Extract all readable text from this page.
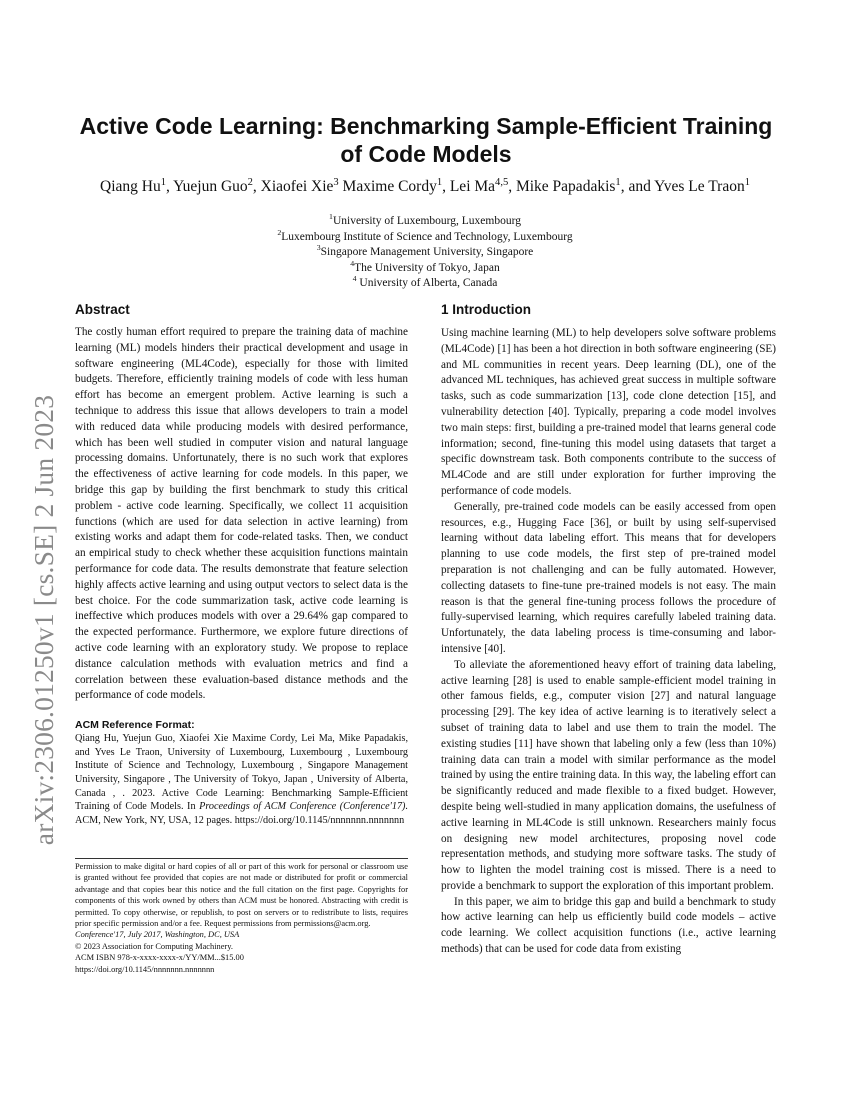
arXiv:2306.01250v1 [cs.SE] 2 Jun 2023
Active Code Learning: Benchmarking Sample-Efficient Training of Code Models
Qiang Hu$^1$, Yuejun Guo$^2$, Xiaofei Xie$^3$ Maxime Cordy$^1$, Lei Ma$^{4,5}$, Mike Papadakis$^1$, and Yves Le Traon$^1$
$^1$University of Luxembourg, Luxembourg
$^2$Luxembourg Institute of Science and Technology, Luxembourg
$^3$Singapore Management University, Singapore
$^4$The University of Tokyo, Japan
$^4$ University of Alberta, Canada
Abstract

The costly human effort required to prepare the training data of machine learning (ML) models hinders their practical development and usage in software engineering (ML4Code), especially for those with limited budgets. Therefore, efficiently training models of code with less human effort has become an emergent problem. Active learning is such a technique to address this issue that allows developers to train a model with reduced data while producing models with desired performance, which has been well studied in computer vision and natural language processing domains. Unfortunately, there is no such work that explores the effectiveness of active learning for code models. In this paper, we bridge this gap by building the first benchmark to study this critical problem - active code learning. Specifically, we collect 11 acquisition functions (which are used for data selection in active learning) from existing works and adapt them for code-related tasks. Then, we conduct an empirical study to check whether these acquisition functions maintain performance for code data. The results demonstrate that feature selection highly affects active learning and using output vectors to select data is the best choice. For the code summarization task, active code learning is ineffective which produces models with over a 29.64% gap compared to the expected performance. Furthermore, we explore future directions of active code learning with an exploratory study. We propose to replace distance calculation methods with evaluation metrics and find a correlation between these evaluation-based distance methods and the performance of code models.

ACM Reference Format:

Qiang Hu, Yuejun Guo, Xiaofei Xie Maxime Cordy, Lei Ma, Mike Papadakis, and Yves Le Traon, University of Luxembourg, Luxembourg , Luxembourg Institute of Science and Technology, Luxembourg , Singapore Management University, Singapore , The University of Tokyo, Japan , University of Alberta, Canada , . 2023. Active Code Learning: Benchmarking Sample-Efficient Training of Code Models. In Proceedings of ACM Conference (Conference'17). ACM, New York, NY, USA, 12 pages. https://doi.org/10.1145/nnnnnnn.nnnnnnn

Permission to make digital or hard copies of all or part of this work for personal or classroom use is granted without fee provided that copies are not made or distributed for profit or commercial advantage and that copies bear this notice and the full citation on the first page. Copyrights for components of this work owned by others than ACM must be honored. Abstracting with credit is permitted. To copy otherwise, or republish, to post on servers or to redistribute to lists, requires prior specific permission and/or a fee. Request permissions from permissions@acm.org.

Conference'17, July 2017, Washington, DC, USA

© 2023 Association for Computing Machinery.

ACM ISBN 978-x-xxxx-xxxx-x/YY/MM...$15.00

https://doi.org/10.1145/nnnnnnn.nnnnnnn

1 Introduction

Using machine learning (ML) to help developers solve software problems (ML4Code) [1] has been a hot direction in both software engineering (SE) and ML communities in recent years. Deep learning (DL), one of the advanced ML techniques, has achieved great success in multiple software tasks, such as code summarization [13], code clone detection [15], and vulnerability detection [40]. Typically, preparing a code model involves two main steps: first, building a pre-trained model that learns general code information; second, fine-tuning this model using datasets that target a specific downstream task. Both components contribute to the success of ML4Code and are still under exploration for further improving the performance of code models.

Generally, pre-trained code models can be easily accessed from open resources, e.g., Hugging Face [36], or built by using self-supervised learning without data labeling effort. This means that for developers planning to use code models, the first step of pre-trained model preparation is not challenging and can be fully automated. However, collecting datasets to fine-tune pre-trained models is not easy. The main reason is that the general fine-tuning process follows the procedure of fully-supervised learning, which requires carefully labeled training data. Unfortunately, the data labeling process is time-consuming and labor-intensive [40].

To alleviate the aforementioned heavy effort of training data labeling, active learning [28] is used to enable sample-efficient model training in other famous fields, e.g., computer vision [27] and natural language processing [29]. The key idea of active learning is to iteratively select a subset of training data to label and use them to train the model. The existing studies [11] have shown that labeling only a few (less than 10%) training data can train a model with similar performance as the model trained by using the entire training data. In this way, the labeling effort can be significantly reduced and made flexible to a fixed budget. However, despite being well-studied in many application domains, the usefulness of active learning in ML4Code is still unknown. Researchers mainly focus on designing new model architectures, proposing novel code representation methods, and studying more software tasks. The study of how to lighten the model training cost is missed. There is a need to provide a benchmark to support the exploration of this important problem.

In this paper, we aim to bridge this gap and build a benchmark to study how active learning can help us efficiently build code models – active code learning. We collect acquisition functions (i.e., active learning methods) that can be used for code data from existing
